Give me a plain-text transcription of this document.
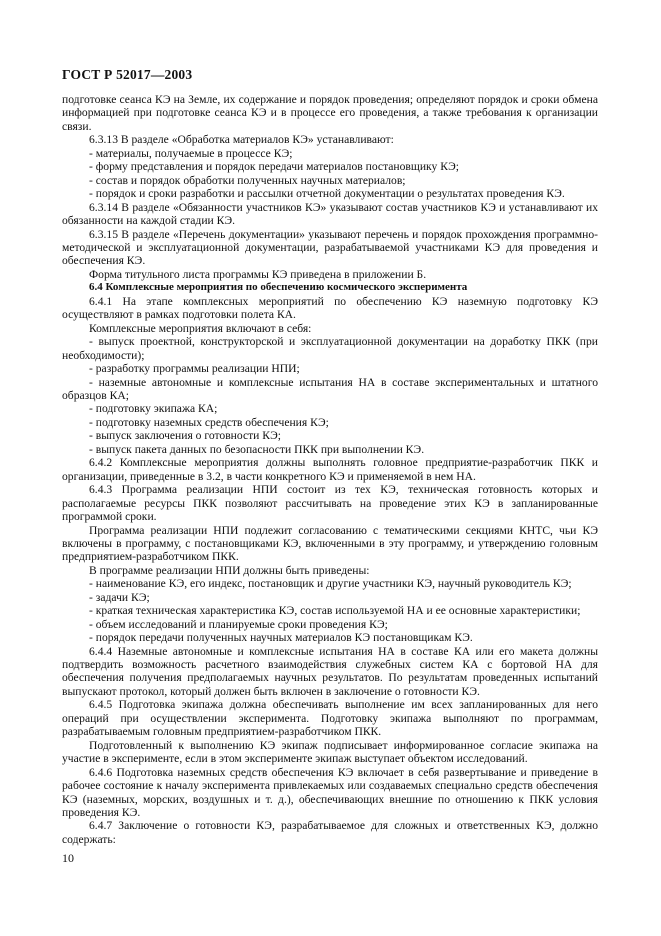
ГОСТ Р 52017—2003

подготовке сеанса КЭ на Земле, их содержание и порядок проведения; определяют порядок и сроки обмена информацией при подготовке сеанса КЭ и в процессе его проведения, а также требования к организации связи.

6.3.13 В разделе «Обработка материалов КЭ» устанавливают:

- материалы, получаемые в процессе КЭ;

- форму представления и порядок передачи материалов постановщику КЭ;

- состав и порядок обработки полученных научных материалов;

- порядок и сроки разработки и рассылки отчетной документации о результатах проведения КЭ.

6.3.14 В разделе «Обязанности участников КЭ» указывают состав участников КЭ и устанавливают их обязанности на каждой стадии КЭ.

6.3.15 В разделе «Перечень документации» указывают перечень и порядок прохождения программно-методической и эксплуатационной документации, разрабатываемой участниками КЭ для проведения и обеспечения КЭ.

Форма титульного листа программы КЭ приведена в приложении Б.

6.4 Комплексные мероприятия по обеспечению космического эксперимента

6.4.1 На этапе комплексных мероприятий по обеспечению КЭ наземную подготовку КЭ осуществляют в рамках подготовки полета КА.

Комплексные мероприятия включают в себя:

- выпуск проектной, конструкторской и эксплуатационной документации на доработку ПКК (при необходимости);

- разработку программы реализации НПИ;

- наземные автономные и комплексные испытания НА в составе экспериментальных и штатного образцов КА;

- подготовку экипажа КА;

- подготовку наземных средств обеспечения КЭ;

- выпуск заключения о готовности КЭ;

- выпуск пакета данных по безопасности ПКК при выполнении КЭ.

6.4.2 Комплексные мероприятия должны выполнять головное предприятие-разработчик ПКК и организации, приведенные в 3.2, в части конкретного КЭ и применяемой в нем НА.

6.4.3 Программа реализации НПИ состоит из тех КЭ, техническая готовность которых и располагаемые ресурсы ПКК позволяют рассчитывать на проведение этих КЭ в запланированные программой сроки.

Программа реализации НПИ подлежит согласованию с тематическими секциями КНТС, чьи КЭ включены в программу, с постановщиками КЭ, включенными в эту программу, и утверждению головным предприятием-разработчиком ПКК.

В программе реализации НПИ должны быть приведены:

- наименование КЭ, его индекс, постановщик и другие участники КЭ, научный руководитель КЭ;

- задачи КЭ;

- краткая техническая характеристика КЭ, состав используемой НА и ее основные характеристики;

- объем исследований и планируемые сроки проведения КЭ;

- порядок передачи полученных научных материалов КЭ постановщикам КЭ.

6.4.4 Наземные автономные и комплексные испытания НА в составе КА или его макета должны подтвердить возможность расчетного взаимодействия служебных систем КА с бортовой НА для обеспечения получения предполагаемых научных результатов. По результатам проведенных испытаний выпускают протокол, который должен быть включен в заключение о готовности КЭ.

6.4.5 Подготовка экипажа должна обеспечивать выполнение им всех запланированных для него операций при осуществлении эксперимента. Подготовку экипажа выполняют по программам, разрабатываемым головным предприятием-разработчиком ПКК.

Подготовленный к выполнению КЭ экипаж подписывает информированное согласие экипажа на участие в эксперименте, если в этом эксперименте экипаж выступает объектом исследований.

6.4.6 Подготовка наземных средств обеспечения КЭ включает в себя развертывание и приведение в рабочее состояние к началу эксперимента привлекаемых или создаваемых специально средств обеспечения КЭ (наземных, морских, воздушных и т. д.), обеспечивающих внешние по отношению к ПКК условия проведения КЭ.

6.4.7 Заключение о готовности КЭ, разрабатываемое для сложных и ответственных КЭ, должно содержать:

10
